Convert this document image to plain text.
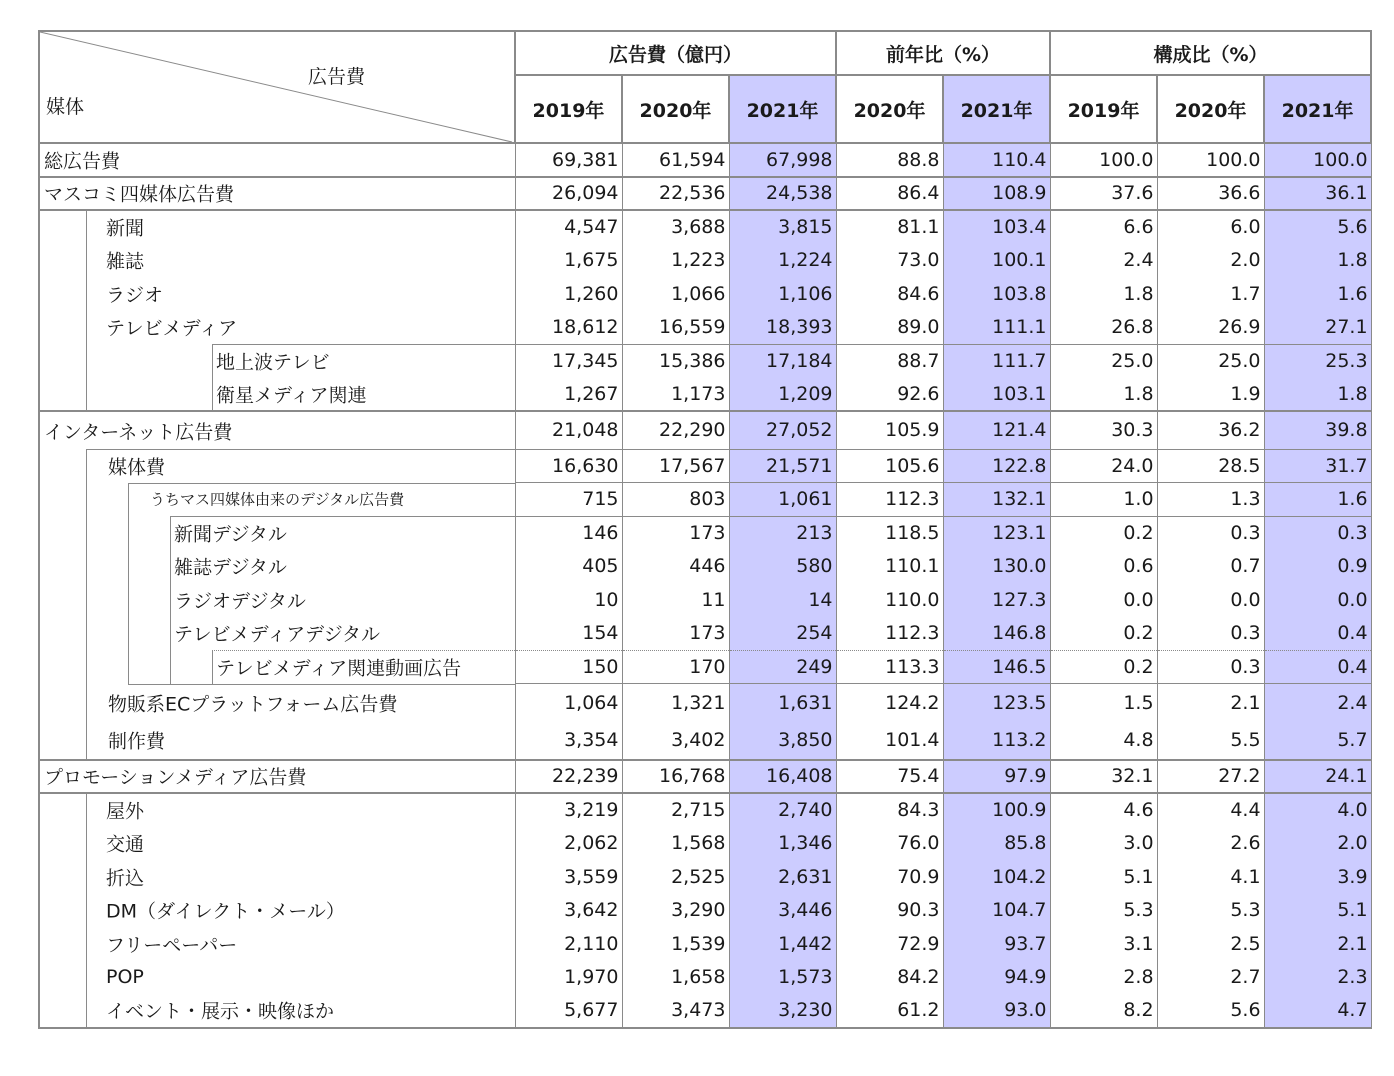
広告費
媒体	広告費（億円）			前年比（%）		構成比（%）		
	2019年	2020年	2021年	2020年	2021年	2019年	2020年	2021年

総広告費	69,381	61,594	67,998	88.8	110.4	100.0	100.0	100.0

マスコミ四媒体広告費	26,094	22,536	24,538	86.4	108.9	37.6	36.6	36.1

新聞	4,547	3,688	3,815	81.1	103.4	6.6	6.0	5.6

雑誌	1,675	1,223	1,224	73.0	100.1	2.4	2.0	1.8

ラジオ	1,260	1,066	1,106	84.6	103.8	1.8	1.7	1.6

テレビメディア	18,612	16,559	18,393	89.0	111.1	26.8	26.9	27.1

地上波テレビ	17,345	15,386	17,184	88.7	111.7	25.0	25.0	25.3

衛星メディア関連	1,267	1,173	1,209	92.6	103.1	1.8	1.9	1.8

インターネット広告費	21,048	22,290	27,052	105.9	121.4	30.3	36.2	39.8

媒体費	16,630	17,567	21,571	105.6	122.8	24.0	28.5	31.7

うちマス四媒体由来のデジタル広告費	715	803	1,061	112.3	132.1	1.0	1.3	1.6

新聞デジタル	146	173	213	118.5	123.1	0.2	0.3	0.3

雑誌デジタル	405	446	580	110.1	130.0	0.6	0.7	0.9

ラジオデジタル	10	11	14	110.0	127.3	0.0	0.0	0.0

テレビメディアデジタル	154	173	254	112.3	146.8	0.2	0.3	0.4

テレビメディア関連動画広告	150	170	249	113.3	146.5	0.2	0.3	0.4

物販系ECプラットフォーム広告費	1,064	1,321	1,631	124.2	123.5	1.5	2.1	2.4

制作費	3,354	3,402	3,850	101.4	113.2	4.8	5.5	5.7

プロモーションメディア広告費	22,239	16,768	16,408	75.4	97.9	32.1	27.2	24.1

屋外	3,219	2,715	2,740	84.3	100.9	4.6	4.4	4.0

交通	2,062	1,568	1,346	76.0	85.8	3.0	2.6	2.0

折込	3,559	2,525	2,631	70.9	104.2	5.1	4.1	3.9

DM（ダイレクト・メール）	3,642	3,290	3,446	90.3	104.7	5.3	5.3	5.1

フリーペーパー	2,110	1,539	1,442	72.9	93.7	3.1	2.5	2.1

POP	1,970	1,658	1,573	84.2	94.9	2.8	2.7	2.3

イベント・展示・映像ほか	5,677	3,473	3,230	61.2	93.0	8.2	5.6	4.7
